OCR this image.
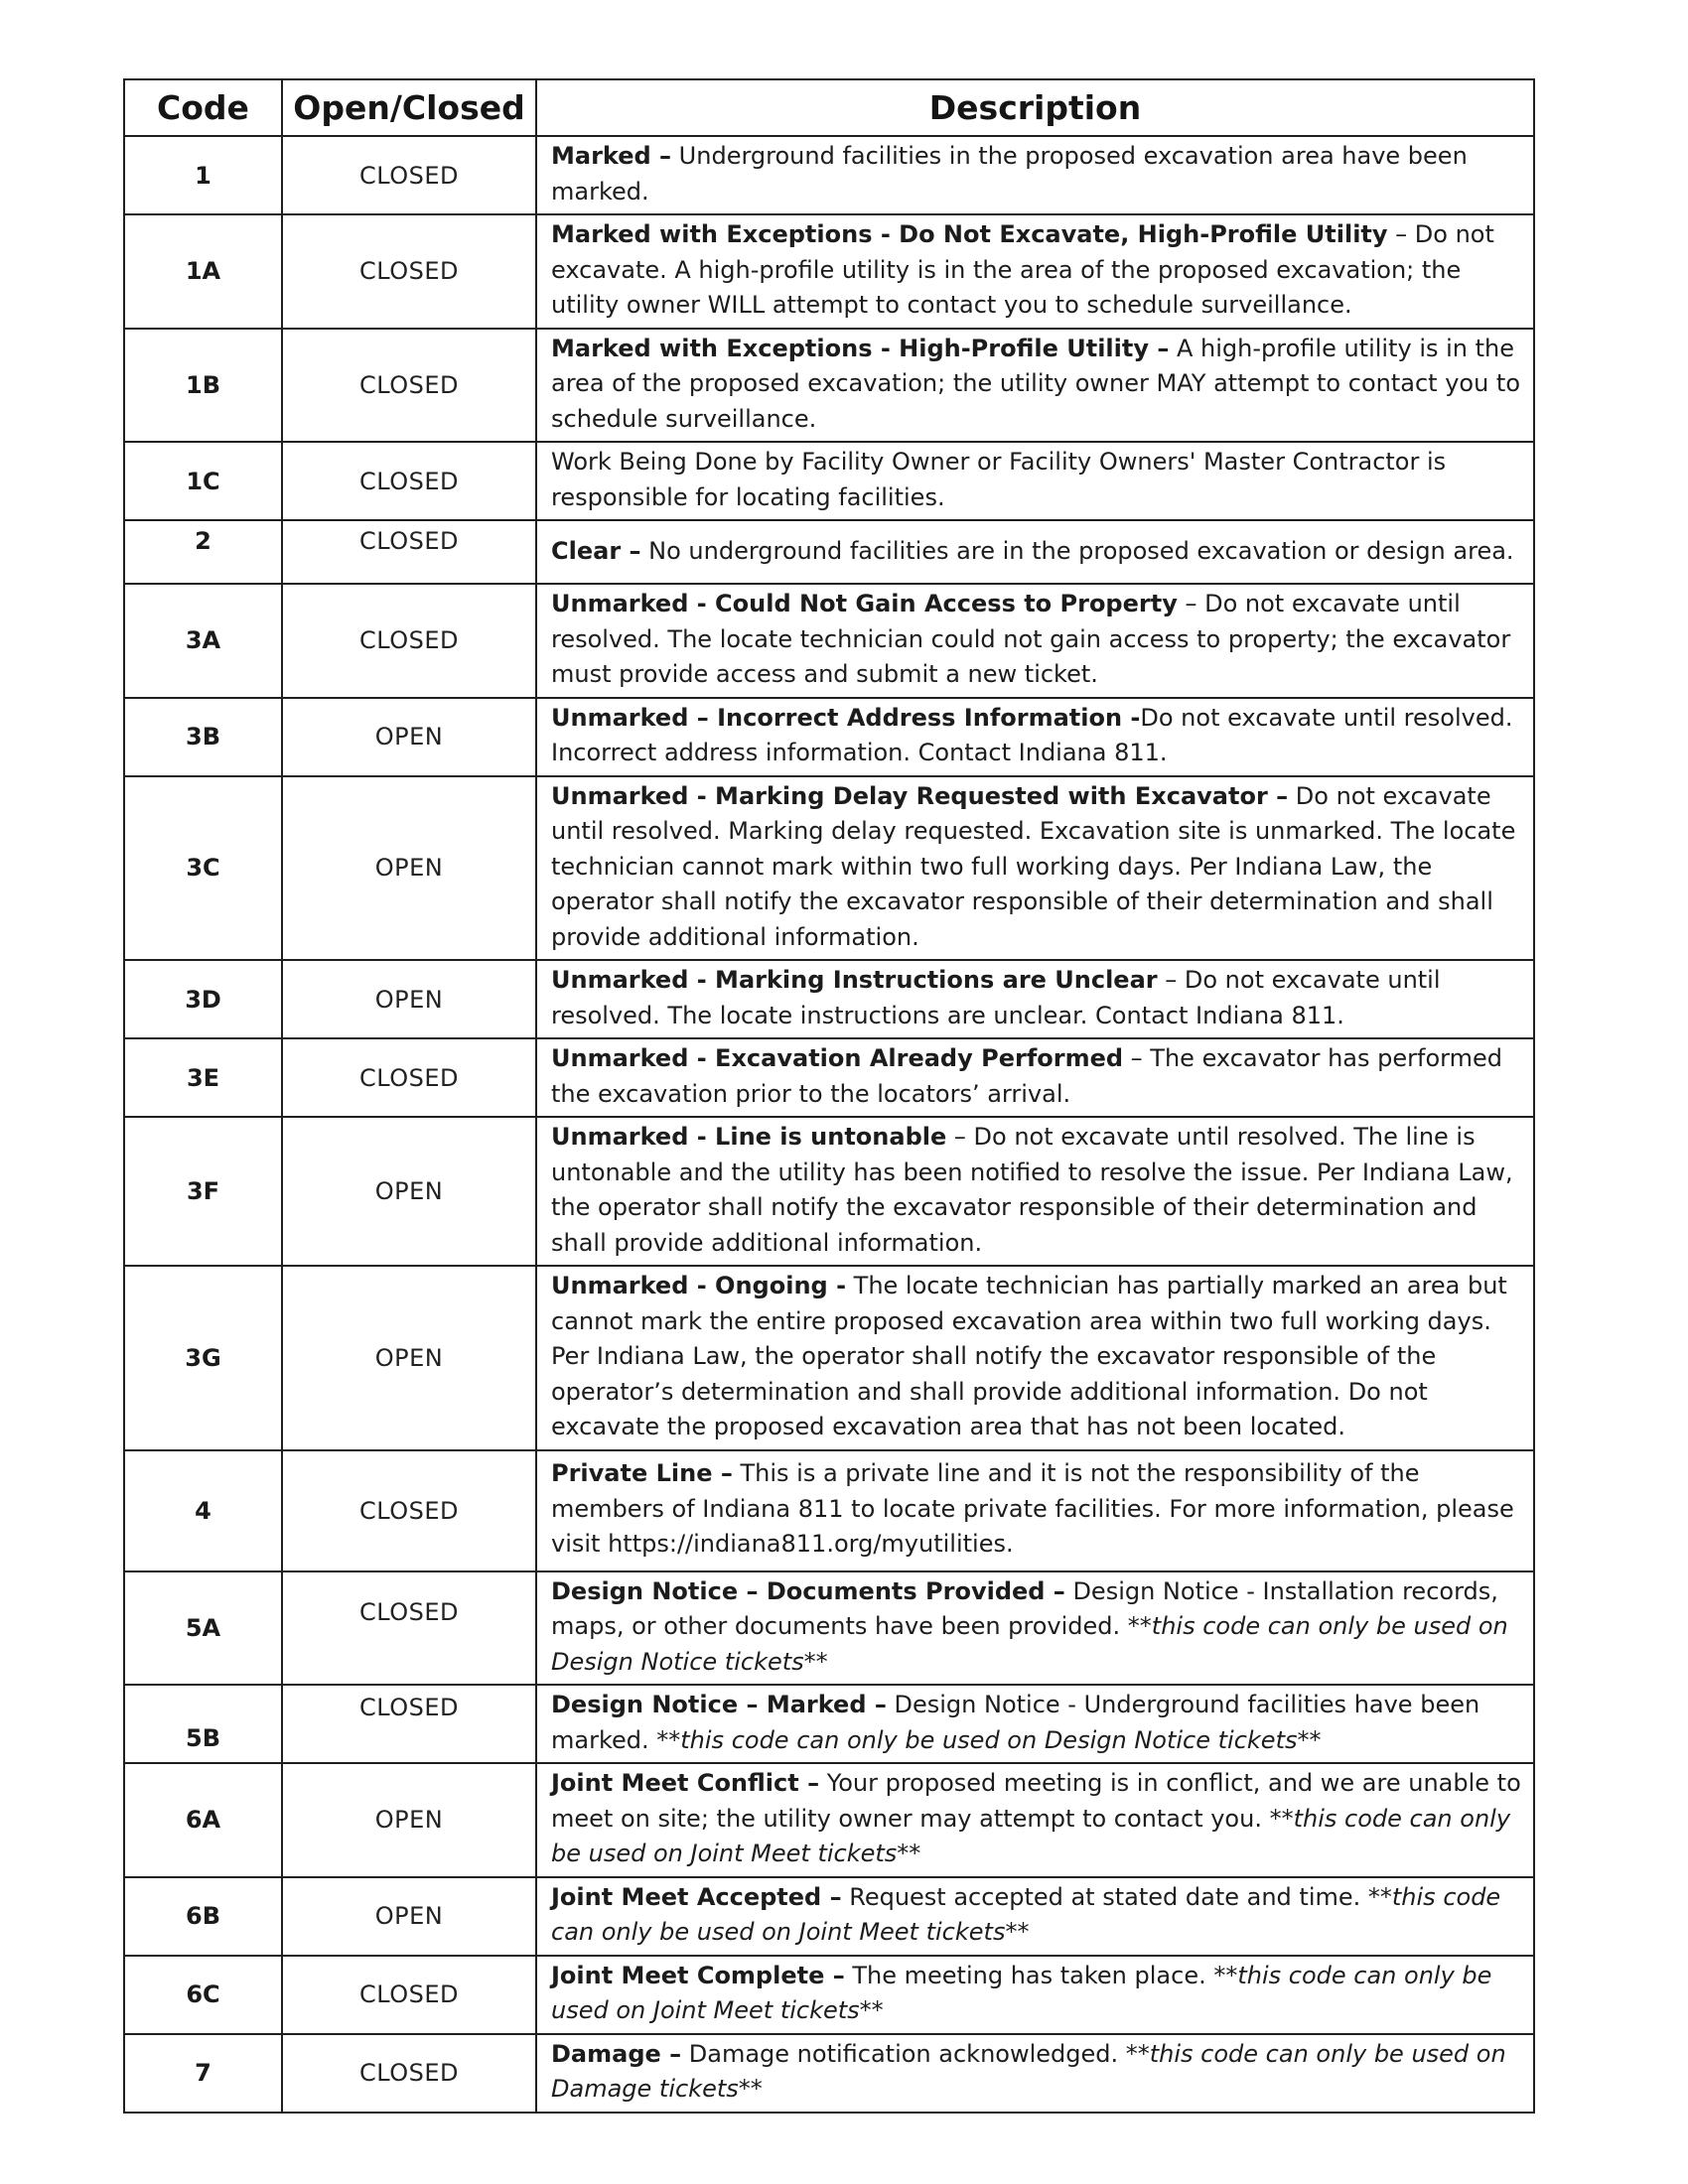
Code	Open/Closed	Description
1	CLOSED	Marked – Underground facilities in the proposed excavation area have been marked.
1A	CLOSED	Marked with Exceptions - Do Not Excavate, High-Profile Utility – Do not excavate. A high-profile utility is in the area of the proposed excavation; the utility owner WILL attempt to contact you to schedule surveillance.
1B	CLOSED	Marked with Exceptions - High-Profile Utility – A high-profile utility is in the area of the proposed excavation; the utility owner MAY attempt to contact you to schedule surveillance.
1C	CLOSED	Work Being Done by Facility Owner or Facility Owners' Master Contractor is responsible for locating facilities.
2	CLOSED	Clear – No underground facilities are in the proposed excavation or design area.
3A	CLOSED	Unmarked - Could Not Gain Access to Property – Do not excavate until resolved. The locate technician could not gain access to property; the excavator must provide access and submit a new ticket.
3B	OPEN	Unmarked – Incorrect Address Information -Do not excavate until resolved. Incorrect address information. Contact Indiana 811.
3C	OPEN	Unmarked - Marking Delay Requested with Excavator – Do not excavate until resolved. Marking delay requested. Excavation site is unmarked. The locate technician cannot mark within two full working days. Per Indiana Law, the operator shall notify the excavator responsible of their determination and shall provide additional information.
3D	OPEN	Unmarked - Marking Instructions are Unclear – Do not excavate until resolved. The locate instructions are unclear. Contact Indiana 811.
3E	CLOSED	Unmarked - Excavation Already Performed – The excavator has performed the excavation prior to the locators’ arrival.
3F	OPEN	Unmarked - Line is untonable – Do not excavate until resolved. The line is untonable and the utility has been notified to resolve the issue. Per Indiana Law, the operator shall notify the excavator responsible of their determination and shall provide additional information.
3G	OPEN	Unmarked - Ongoing - The locate technician has partially marked an area but cannot mark the entire proposed excavation area within two full working days. Per Indiana Law, the operator shall notify the excavator responsible of the operator’s determination and shall provide additional information. Do not excavate the proposed excavation area that has not been located.
4	CLOSED	Private Line – This is a private line and it is not the responsibility of the members of Indiana 811 to locate private facilities. For more information, please visit https://indiana811.org/myutilities.
5A	CLOSED	Design Notice – Documents Provided – Design Notice - Installation records, maps, or other documents have been provided. **this code can only be used on Design Notice tickets**
5B	CLOSED	Design Notice – Marked – Design Notice - Underground facilities have been marked. **this code can only be used on Design Notice tickets**
6A	OPEN	Joint Meet Conflict – Your proposed meeting is in conflict, and we are unable to meet on site; the utility owner may attempt to contact you. **this code can only be used on Joint Meet tickets**
6B	OPEN	Joint Meet Accepted – Request accepted at stated date and time. **this code can only be used on Joint Meet tickets**
6C	CLOSED	Joint Meet Complete – The meeting has taken place. **this code can only be used on Joint Meet tickets**
7	CLOSED	Damage – Damage notification acknowledged. **this code can only be used on Damage tickets**
